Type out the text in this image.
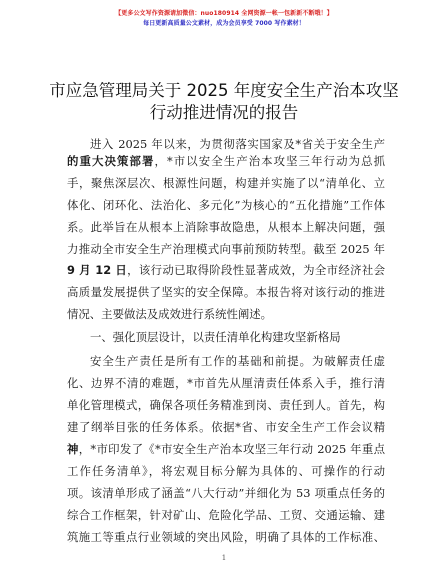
【更多公文写作资源请加微信：nuo180914 全网资源一帐一包新新不断哦！】
每日更新高质量公文素材，成为会员享受 7000 写作素材！
市应急管理局关于 2025 年度安全生产治本攻坚
行动推进情况的报告
进入 2025 年以来，为贯彻落实国家及*省关于安全生产
的重大决策部署，*市以安全生产治本攻坚三年行动为总抓
手，聚焦深层次、根源性问题，构建并实施了以“清单化、立
体化、闭环化、法治化、多元化”为核心的“五化措施”工作体
系。此举旨在从根本上消除事故隐患，从根本上解决问题，强
力推动全市安全生产治理模式向事前预防转型。截至 2025 年
9 月 12 日，该行动已取得阶段性显著成效，为全市经济社会
高质量发展提供了坚实的安全保障。本报告将对该行动的推进
情况、主要做法及成效进行系统性阐述。
一、强化顶层设计，以责任清单化构建攻坚新格局
安全生产责任是所有工作的基础和前提。为破解责任虚
化、边界不清的难题，*市首先从厘清责任体系入手，推行清
单化管理模式，确保各项任务精准到岗、责任到人。首先，构
建了纲举目张的任务体系。依据*省、市安全生产工作会议精
神，*市印发了《*市安全生产治本攻坚三年行动 2025 年重点
工作任务清单》，将宏观目标分解为具体的、可操作的行动
项。该清单形成了涵盖“八大行动”并细化为 53 项重点任务的
综合工作框架，针对矿山、危险化学品、工贸、交通运输、建
筑施工等重点行业领域的突出风险，明确了具体的工作标准、
1
